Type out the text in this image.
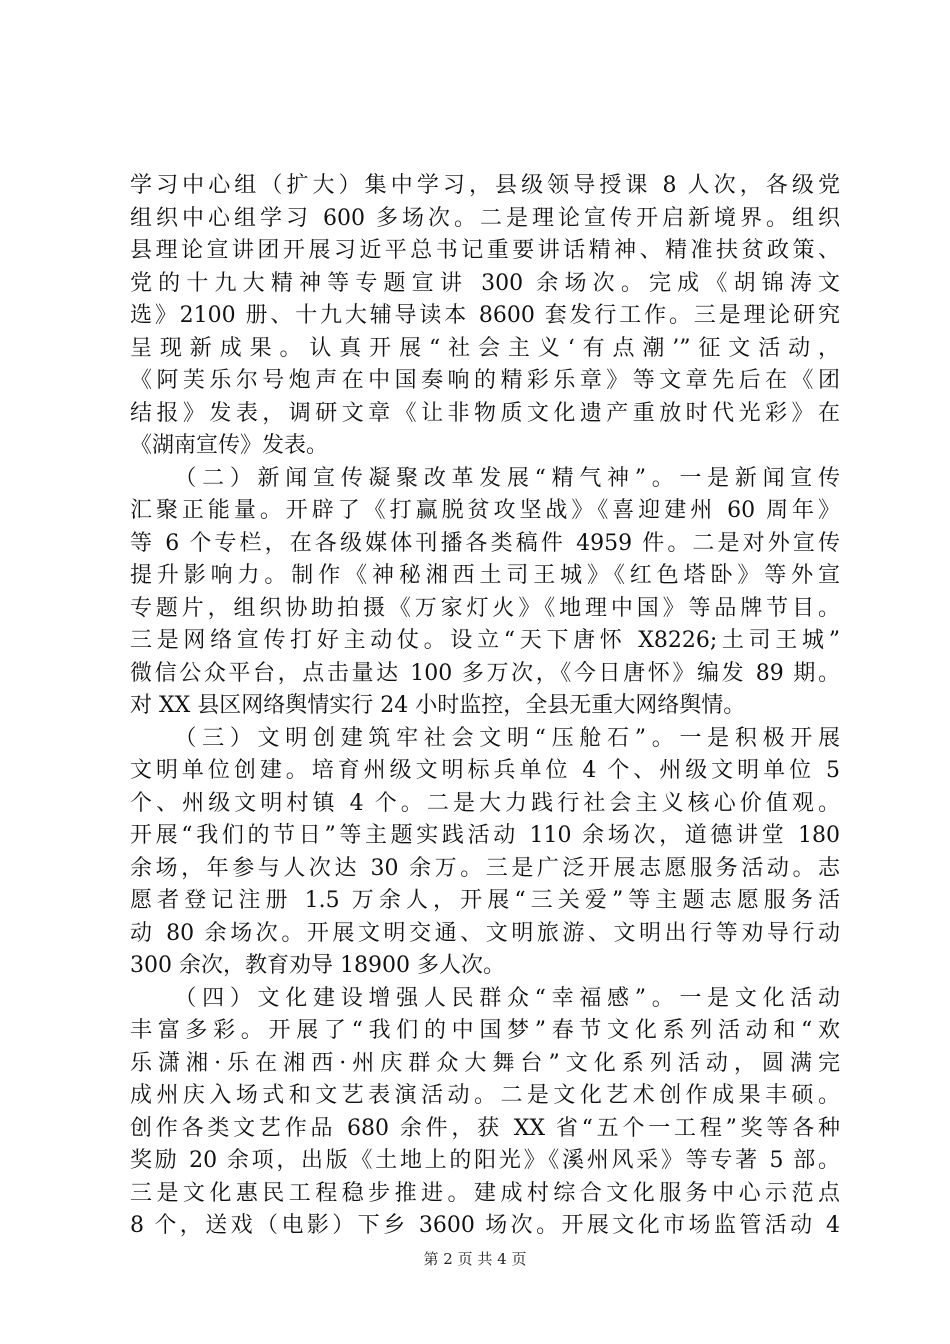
学习中心组（扩大）集中学习，县级领导授课 8 人次，各级党
组织中心组学习 600 多场次。二是理论宣传开启新境界。组织
县理论宣讲团开展习近平总书记重要讲话精神、精准扶贫政策、
党的十九大精神等专题宣讲 300 余场次。完成《胡锦涛文
选》2100 册、十九大辅导读本 8600 套发行工作。三是理论研究
呈现新成果。认真开展“社会主义‘有点潮’”征文活动，
《阿芙乐尔号炮声在中国奏响的精彩乐章》等文章先后在《团
结报》发表，调研文章《让非物质文化遗产重放时代光彩》在
《湖南宣传》发表。
　　（二）新闻宣传凝聚改革发展“精气神”。一是新闻宣传
汇聚正能量。开辟了《打赢脱贫攻坚战》《喜迎建州 60 周年》
等 6 个专栏，在各级媒体刊播各类稿件 4959 件。二是对外宣传
提升影响力。制作《神秘湘西土司王城》《红色塔卧》等外宣
专题片，组织协助拍摄《万家灯火》《地理中国》等品牌节目。
三是网络宣传打好主动仗。设立“天下唐怀 X8226;土司王城”
微信公众平台，点击量达 100 多万次，《今日唐怀》编发 89 期。
对 XX 县区网络舆情实行 24 小时监控，全县无重大网络舆情。
　　（三）文明创建筑牢社会文明“压舱石”。一是积极开展
文明单位创建。培育州级文明标兵单位 4 个、州级文明单位 5
个、州级文明村镇 4 个。二是大力践行社会主义核心价值观。
开展“我们的节日”等主题实践活动 110 余场次，道德讲堂 180
余场，年参与人次达 30 余万。三是广泛开展志愿服务活动。志
愿者登记注册 1.5 万余人，开展“三关爱”等主题志愿服务活
动 80 余场次。开展文明交通、文明旅游、文明出行等劝导行动
300 余次，教育劝导 18900 多人次。
　　（四）文化建设增强人民群众“幸福感”。一是文化活动
丰富多彩。开展了“我们的中国梦”春节文化系列活动和“欢
乐潇湘·乐在湘西·州庆群众大舞台”文化系列活动，圆满完
成州庆入场式和文艺表演活动。二是文化艺术创作成果丰硕。
创作各类文艺作品 680 余件，获 XX 省“五个一工程”奖等各种
奖励 20 余项，出版《土地上的阳光》《溪州风采》等专著 5 部。
三是文化惠民工程稳步推进。建成村综合文化服务中心示范点
8 个，送戏（电影）下乡 3600 场次。开展文化市场监管活动 4
第 2 页 共 4 页
